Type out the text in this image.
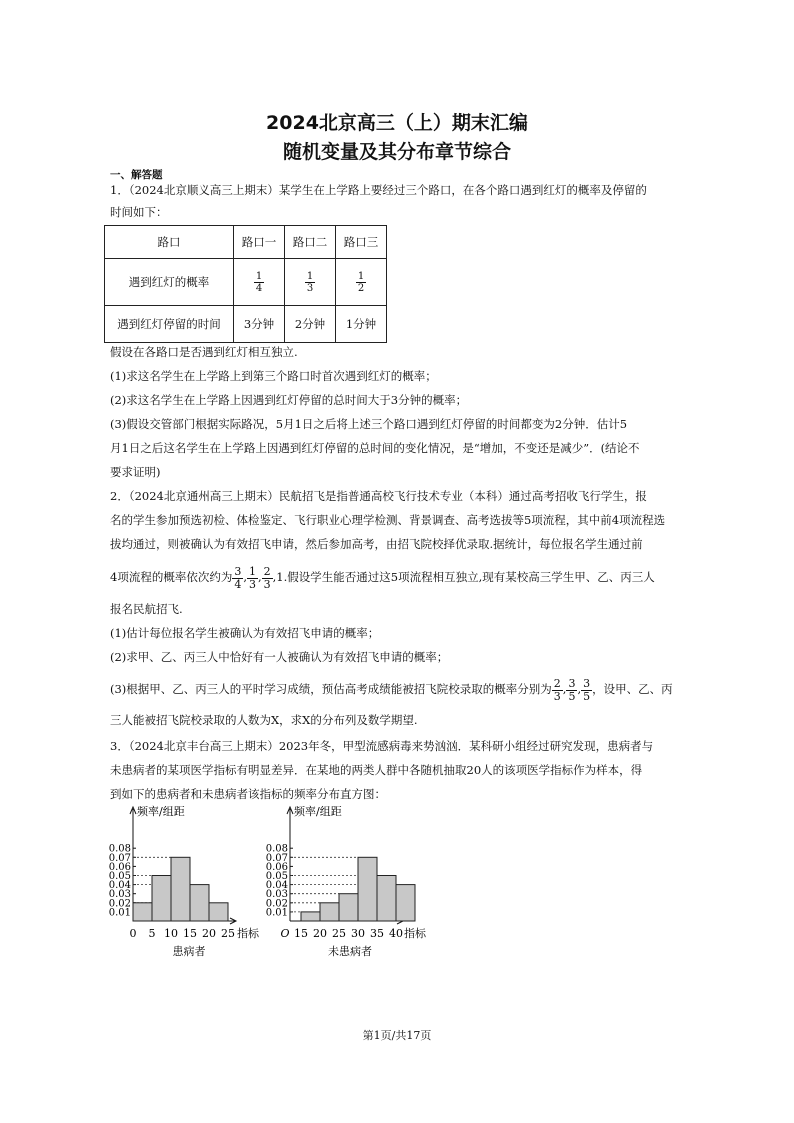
2024北京高三（上）期末汇编
随机变量及其分布章节综合
一、解答题

1．（2024北京顺义高三上期末）某学生在上学路上要经过三个路口，在各个路口遇到红灯的概率及停留的

时间如下：

路口	路口一	路口二	路口三
遇到红灯的概率	$\frac{1}{4}$	$\frac{1}{3}$	$\frac{1}{2}$

遇到红灯停留的时间	3分钟	2分钟	1分钟

假设在各路口是否遇到红灯相互独立.

(1)求这名学生在上学路上到第三个路口时首次遇到红灯的概率；

(2)求这名学生在上学路上因遇到红灯停留的总时间大于3分钟的概率；

(3)假设交管部门根据实际路况，5月1日之后将上述三个路口遇到红灯停留的时间都变为2分钟．估计5

月1日之后这名学生在上学路上因遇到红灯停留的总时间的变化情况，是“增加，不变还是减少”．(结论不

要求证明)

2．（2024北京通州高三上期末）民航招飞是指普通高校飞行技术专业（本科）通过高考招收飞行学生，报

名的学生参加预选初检、体检鉴定、飞行职业心理学检测、背景调查、高考选拔等5项流程，其中前4项流程选

拔均通过，则被确认为有效招飞申请，然后参加高考，由招飞院校择优录取.据统计，每位报名学生通过前

4项流程的概率依次约为 $\frac{3}{4}$ , $\frac{1}{3}$ , $\frac{2}{3} ,1$.假设学生能否通过这5项流程相互独立,现有某校高三学生甲、乙、丙三人

报名民航招飞.

(1)估计每位报名学生被确认为有效招飞申请的概率；

(2)求甲、乙、丙三人中恰好有一人被确认为有效招飞申请的概率；

(3)根据甲、乙、丙三人的平时学习成绩，预估高考成绩能被招飞院校录取的概率分别为 $\frac{2}{3}$ , $\frac{3}{5}$ , $\frac{3}{5}$ ，设甲、乙、丙

三人能被招飞院校录取的人数为X，求X的分布列及数学期望.

3．（2024北京丰台高三上期末）2023年冬，甲型流感病毒来势汹汹．某科研小组经过研究发现，患病者与

未患病者的某项医学指标有明显差异．在某地的两类人群中各随机抽取20人的该项医学指标作为样本，得

到如下的患病者和未患病者该指标的频率分布直方图：

频率/组距
0.01
0.02
0.03
0.04
0.05
0.06
0.07
0.08
0 5 10 15 20 25 指标
患病者
频率/组距
0.01
0.02
0.03
0.04
0.05
0.06
0.07
0.08
15 20 25 30 35 40
O	指标
未患病者
第1页/共17页
